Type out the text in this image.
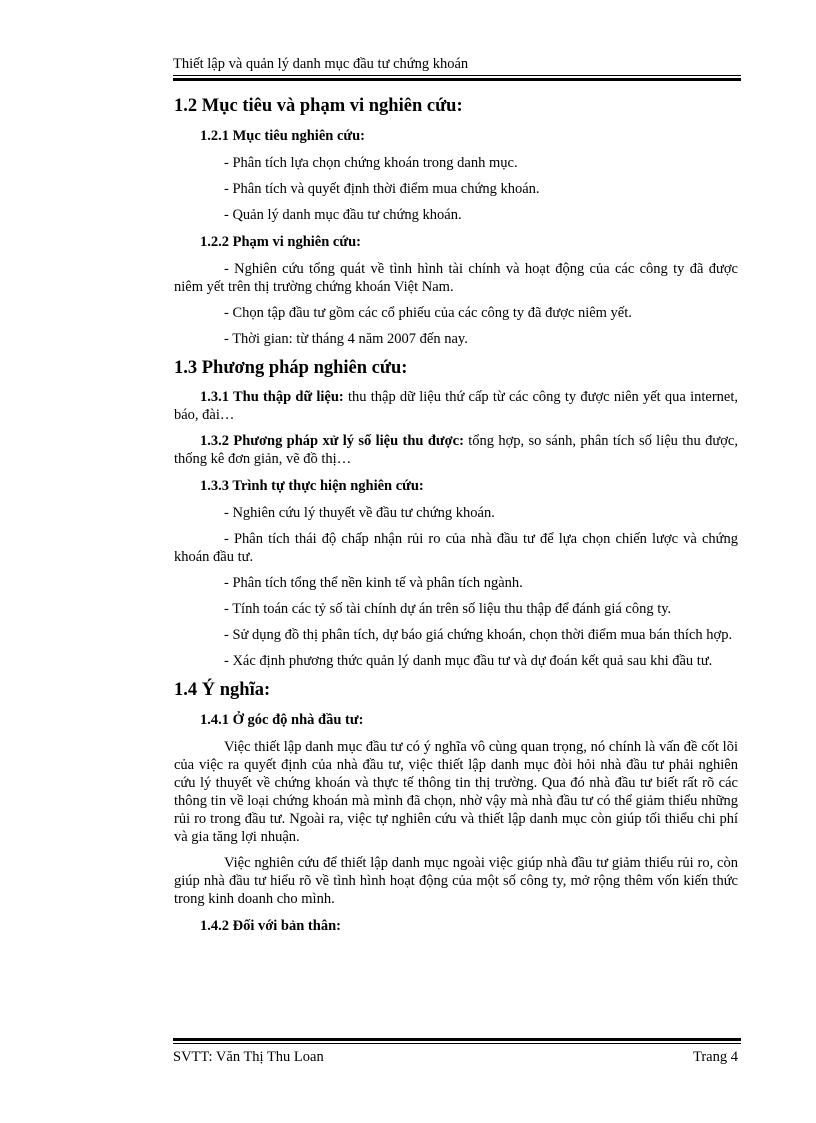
Thiết lập và quản lý danh mục đầu tư chứng khoán
1.2 Mục tiêu và phạm vi nghiên cứu:
1.2.1 Mục tiêu nghiên cứu:

- Phân tích lựa chọn chứng khoán trong danh mục.

- Phân tích và quyết định thời điểm mua chứng khoán.

- Quản lý danh mục đầu tư chứng khoán.

1.2.2 Phạm vi nghiên cứu:

- Nghiên cứu tổng quát về tình hình tài chính và hoạt động của các công ty đã được niêm yết trên thị trường chứng khoán Việt Nam.

- Chọn tập đầu tư gồm các cổ phiếu của các công ty đã được niêm yết.

- Thời gian: từ tháng 4 năm 2007 đến nay.

1.3 Phương pháp nghiên cứu:

1.3.1 Thu thập dữ liệu: thu thập dữ liệu thứ cấp từ các công ty được niên yết qua internet, báo, đài…

1.3.2 Phương pháp xử lý số liệu thu được: tổng hợp, so sánh, phân tích số liệu thu được, thống kê đơn giản, vẽ đồ thị…

1.3.3 Trình tự thực hiện nghiên cứu:

- Nghiên cứu lý thuyết về đầu tư chứng khoán.

- Phân tích thái độ chấp nhận rủi ro của nhà đầu tư để lựa chọn chiến lược và chứng khoán đầu tư.

- Phân tích tổng thể nền kinh tế và phân tích ngành.

- Tính toán các tỷ số tài chính dự án trên số liệu thu thập để đánh giá công ty.

- Sử dụng đồ thị phân tích, dự báo giá chứng khoán, chọn thời điểm mua bán thích hợp.

- Xác định phương thức quản lý danh mục đầu tư và dự đoán kết quả sau khi đầu tư.

1.4 Ý nghĩa:
1.4.1 Ở góc độ nhà đầu tư:

Việc thiết lập danh mục đầu tư có ý nghĩa vô cùng quan trọng, nó chính là vấn đề cốt lõi của việc ra quyết định của nhà đầu tư, việc thiết lập danh mục đòi hỏi nhà đầu tư phải nghiên cứu lý thuyết về chứng khoán và thực tế thông tin thị trường. Qua đó nhà đầu tư biết rất rõ các thông tin về loại chứng khoán mà mình đã chọn, nhờ vậy mà nhà đầu tư có thể giảm thiểu những rủi ro trong đầu tư. Ngoài ra, việc tự nghiên cứu và thiết lập danh mục còn giúp tối thiểu chi phí và gia tăng lợi nhuận.

Việc nghiên cứu để thiết lập danh mục ngoài việc giúp nhà đầu tư giảm thiểu rủi ro, còn giúp nhà đầu tư hiểu rõ về tình hình hoạt động của một số công ty, mở rộng thêm vốn kiến thức trong kinh doanh cho mình.

1.4.2 Đối với bản thân:
SVTT: Văn Thị Thu Loan	Trang 4
